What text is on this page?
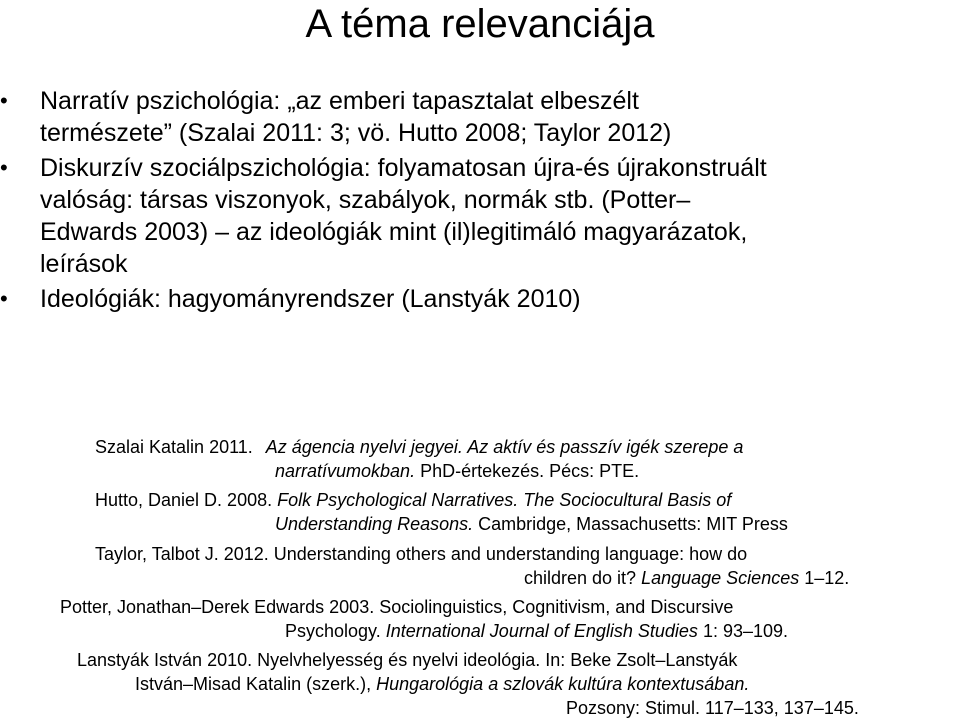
A téma relevanciája
• Narratív pszichológia: „az emberi tapasztalat elbeszélt
természete” (Szalai 2011: 3; vö. Hutto 2008; Taylor 2012)
• Diskurzív szociálpszichológia: folyamatosan újra-és újrakonstruált
valóság: társas viszonyok, szabályok, normák stb. (Potter–
Edwards 2003) – az ideológiák mint (il)legitimáló magyarázatok,
leírások
• Ideológiák: hagyományrendszer (Lanstyák 2010)
Szalai Katalin 2011. Az ágencia nyelvi jegyei. Az aktív és passzív igék szerepe a
narratívumokban. PhD-értekezés. Pécs: PTE.
Hutto, Daniel D. 2008. Folk Psychological Narratives. The Sociocultural Basis of
Understanding Reasons. Cambridge, Massachusetts: MIT Press
Taylor, Talbot J. 2012. Understanding others and understanding language: how do
children do it? Language Sciences 1–12.
Potter, Jonathan–Derek Edwards 2003. Sociolinguistics, Cognitivism, and Discursive
Psychology. International Journal of English Studies 1: 93–109.
Lanstyák István 2010. Nyelvhelyesség és nyelvi ideológia. In: Beke Zsolt–Lanstyák
István–Misad Katalin (szerk.), Hungarológia a szlovák kultúra kontextusában.
Pozsony: Stimul. 117–133, 137–145.
